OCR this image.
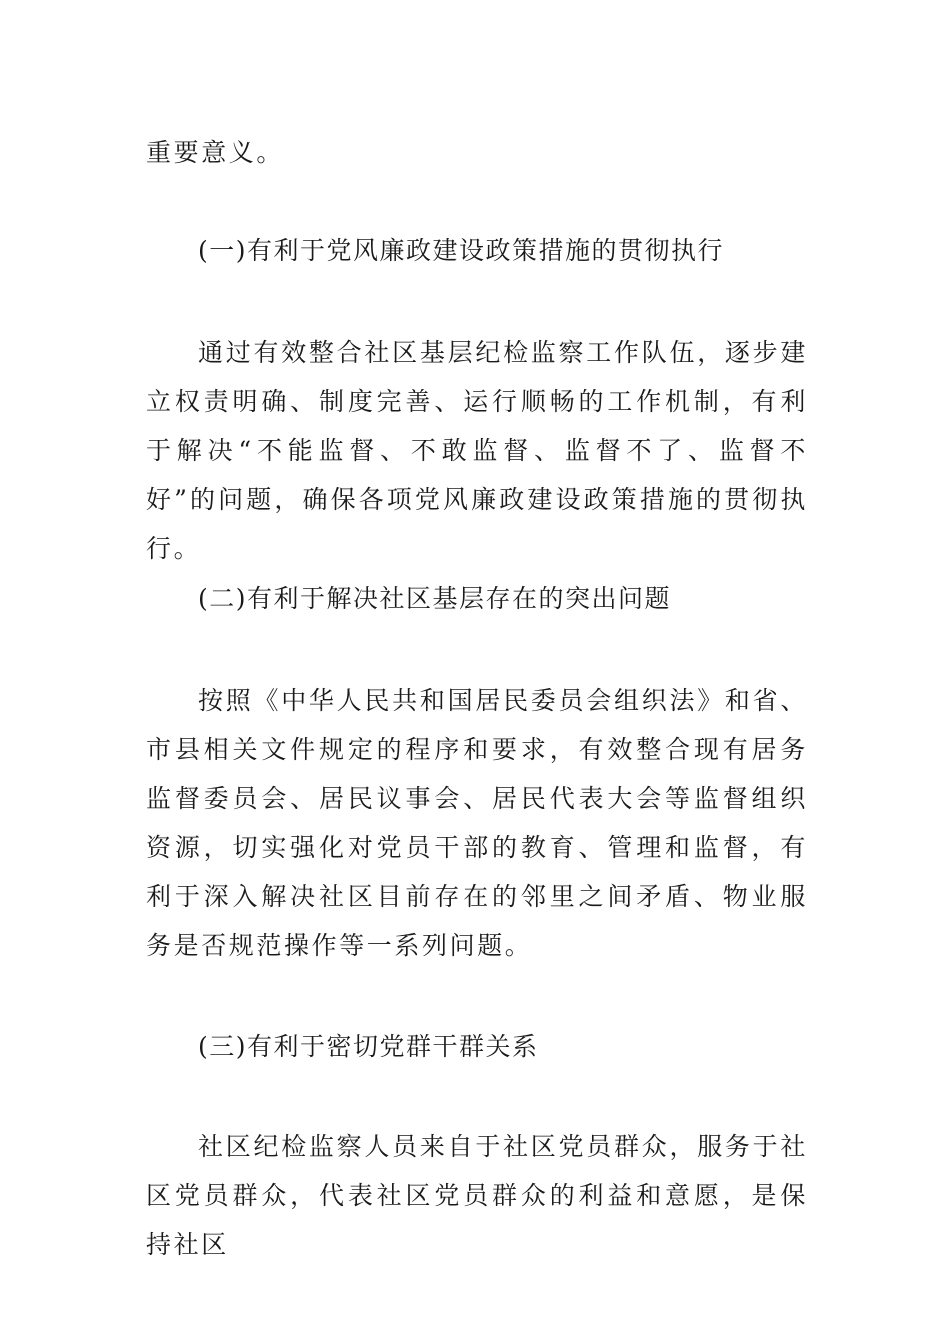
重要意义。

(一)有利于党风廉政建设政策措施的贯彻执行

通过有效整合社区基层纪检监察工作队伍，逐步建立权责明确、制度完善、运行顺畅的工作机制，有利于解决“不能监督、不敢监督、监督不了、监督不好”的问题，确保各项党风廉政建设政策措施的贯彻执行。

(二)有利于解决社区基层存在的突出问题

按照《中华人民共和国居民委员会组织法》和省、市县相关文件规定的程序和要求，有效整合现有居务监督委员会、居民议事会、居民代表大会等监督组织资源，切实强化对党员干部的教育、管理和监督，有利于深入解决社区目前存在的邻里之间矛盾、物业服务是否规范操作等一系列问题。

(三)有利于密切党群干群关系

社区纪检监察人员来自于社区党员群众，服务于社区党员群众，代表社区党员群众的利益和意愿，是保持社区
